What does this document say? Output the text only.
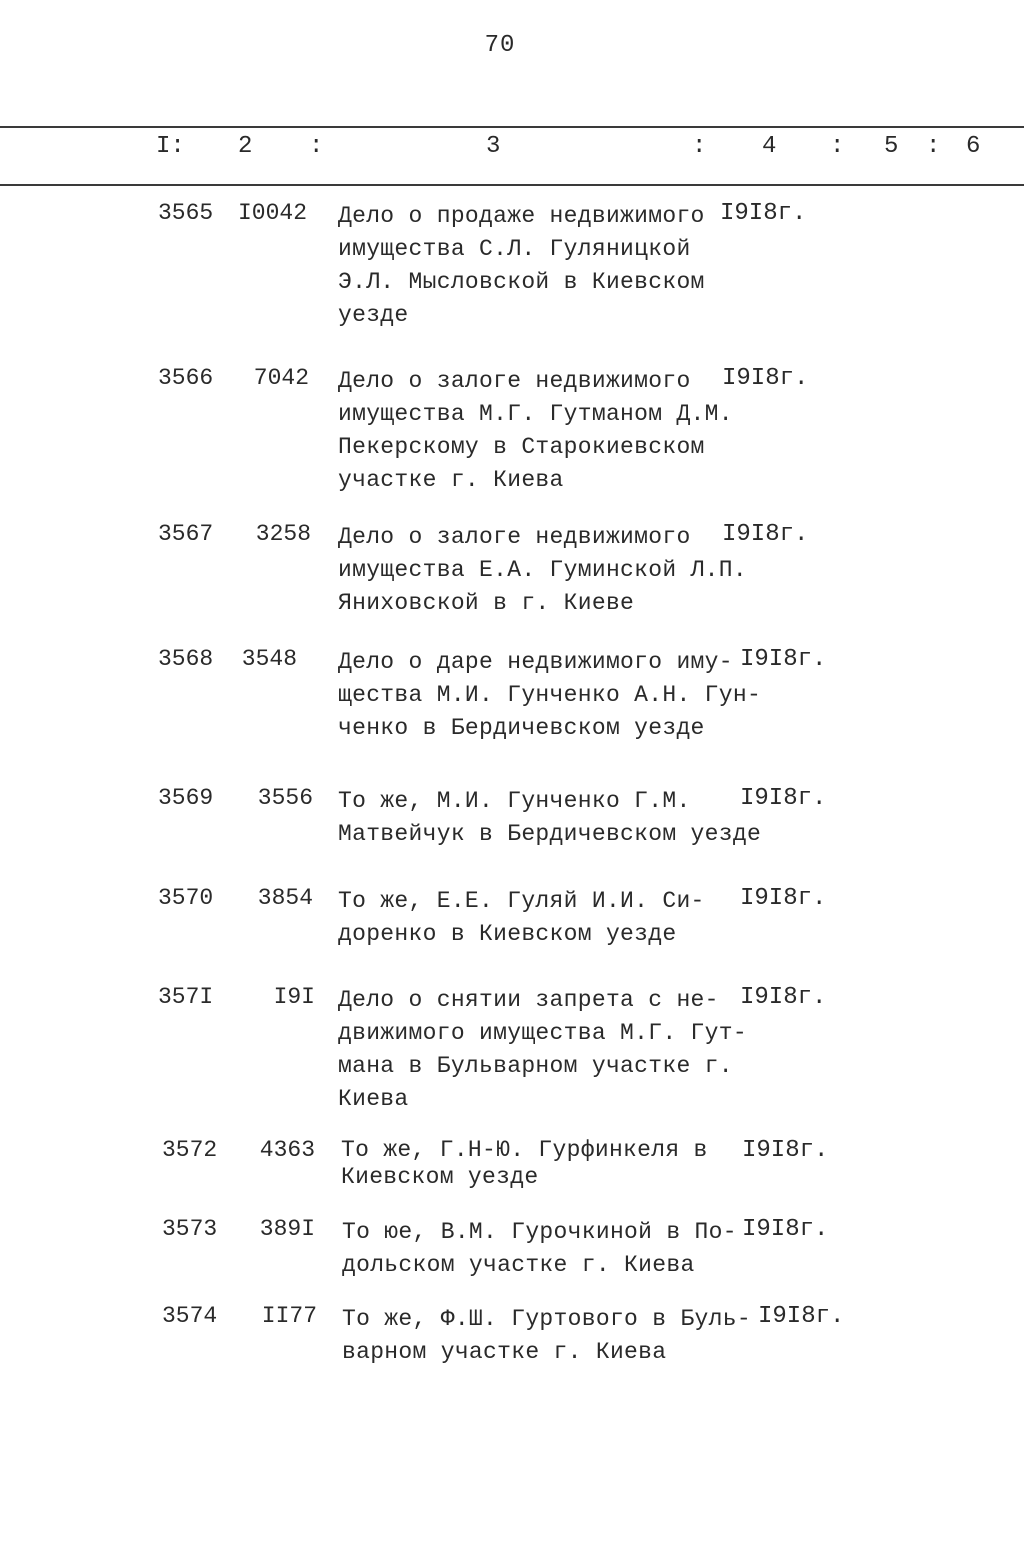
70
I: 2 :	3	: 4 : 5 : 6
3565 I0042 Дело о продаже недвижимого
имущества С.Л. Гуляницкой
Э.Л. Мысловской в Киевском
уезде
I9I8г.
3566	7042 Дело о залоге недвижимого
имущества М.Г. Гутманом Д.М.
Пекерскому в Старокиевском
участке г. Киева
I9I8г.
3567	3258 Дело о залоге недвижимого
имущества Е.А. Гуминской Л.П.
Яниховской в г. Киеве
I9I8г.
3568	3548 Дело о даре недвижимого иму-
щества М.И. Гунченко А.Н. Гун-
ченко в Бердичевском уезде
I9I8г.
3569	3556 То же, М.И. Гунченко Г.М.
Матвейчук в Бердичевском уезде
I9I8г.
3570	3854 То же, Е.Е. Гуляй И.И. Си-
доренко в Киевском уезде
I9I8г.
357I	I9I Дело о снятии запрета с не-
движимого имущества М.Г. Гут-
мана в Бульварном участке г.
Киева
I9I8г.
3572	4363 То же, Г.Н-Ю. Гурфинкеля в
Киевском уезде
I9I8г.
3573	389I То юе, В.М. Гурочкиной в По-
дольском участке г. Киева
I9I8г.
3574	II77 То же, Ф.Ш. Гуртового в Буль-
варном участке г. Киева
I9I8г.
